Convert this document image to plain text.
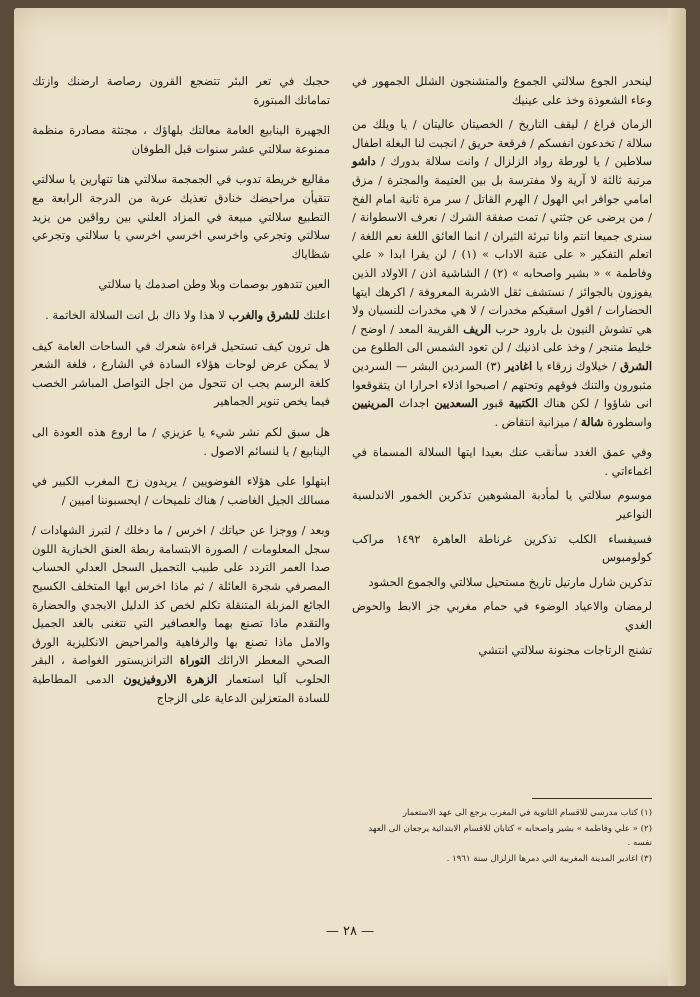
لينحدر الجوع سلالتي الجموع والمتشنجون الشلل الجمهور في وعاء الشعوذة وخذ على عينيك

الزمان فراغ / ليقف التاريخ / الخصيتان عاليتان / يا ويلك من سلالة / تخدعون انفسكم / فرقعة حريق / انجبت لنا البغلة اطفال سلاطين / يا لورطة رواد الزلزال / وانت سلالة بدورك / داشو مرتبة ثالثة لا آرية ولا مفترسة بل بين العتيمة والمجترة / مزق امامي جوافر ابي الهول / الهرم القاتل / سر مرة ثانية امام الفخ / من يرضى عن جثتي / تمت صفقة الشرك / نعرف الاسطوانة / سنرى جميعا انتم وانا تبرئة الثيران / انما العائق اللغة نعم اللغة / اتعلم التفكير « على عتبة الاداب » (١) / لن يقرا ابدا « علي وفاطمة » « بشير واصحابه » (٢) / الشاشية اذن / الاولاد الذين يفوزون بالجوائز / نستشف ثقل الاشربة المعروفة / اكرهك ايتها الحضارات / اقول اسقيكم مخدرات / لا هي مخدرات للنسيان ولا هي تشوش النيون بل بارود حرب الريف القريبة المعد / اوضح / خليط متنجر / وخذ على اذنيك / لن تعود الشمس الى الطلوع من الشرق / خيلاوك زرقاء يا اغادير (٣) السردين البشر — السردين مثبورون والتنك فوقهم وتحتهم / اصبحوا اذلاء احرارا ان يتقوقعوا انى شاؤوا / لكن هناك الكتبية قبور السعديين اجداث المرينيين واسطورة شالة / ميزانية انتقاض .

وفي عمق الغدد سأنقب عنك بعيدا ايتها السلالة المسماة في اغماءاتي .

موسوم سلالتي يا لمأدبة المشوهين تذكرين الخمور الاندلسية النواعير

فسيفساء الكلب تذكرين غرناطة العاهرة ١٤٩٢ مراكب كولومبوس

تذكرين شارل مارتيل تاريخ مستحيل سلالتي والجموع الحشود

لرمضان والاعياد الوضوء في حمام مغربي جز الابط والحوض الغدي

تشنج الرتاجات مجنونة سلالتي انتشي

حجبك في تعر البئر تتضجع القرون رصاصة ارضنك وازتك تماماتك المبتورة

الجهيرة الينابيع العامة معالتك بلهاؤك ، مجتثة مصادرة منظمة ممنوعة سلالتي عشر سنوات قبل الطوفان

مقاليع خريطة تدوب في الجمجمة سلالتي هنا تتهارين يا سلالتي تتقيأن مراحيضك خنادق تعذيك عربة من الدرجة الرابعة مع التطبيع سلالتي مبيعة في المزاد العلني بين رواقين من يزيد سلالتي وتجرعي واخرسي اخرسي اخرسي يا سلالتي وتجرعي شظاياك

العين تتدهور بوصمات وبلا وطن اصدمك يا سلالتي

اعلنك للشرق والغرب لا هذا ولا ذاك بل انت السلالة الخاتمة .

هل ترون كيف تستحيل قراءة شعرك في الساحات العامة كيف لا يمكن عرض لوحات هؤلاء السادة في الشارع ، فلغة الشعر كلغة الرسم يجب ان تتحول من اجل التواصل المباشر الخصب فيما يخص تنوير الجماهير

هل سبق لكم نشر شيء يا عزيزي / ما اروع هذه العودة الى الينابيع / يا لنسائم الاصول .

ابتهلوا على هؤلاء الفوضويين / يريدون زج المغرب الكبير في مسالك الجيل الغاضب / هناك تلميحات / ايحسبوننا اميين /

وبعد / ووجزا عن حياتك / اخرس / ما دخلك / لتبرز الشهادات / سجل المعلومات / الصورة الابتسامة ربطة العنق الخبازية اللون صدا العمر التردد على طبيب التجميل السجل العدلي الحساب المصرفي شجرة العائلة / ثم ماذا اخرس ايها المتخلف الكسيح الجائع المزبلة المتنقلة تكلم لخص كذ الدليل الابجدي والحضارة والتقدم ماذا تصنع بهما والعصافير التي تتغنى بالغد الجميل والامل ماذا تصنع بها والرفاهية والمراحيض الانكليزية الورق الصحي المعطر الارائك التوراة الترانزيستور الغواصة ، البقر الحلوب آليا استعمار الزهرة الاروفيزيون الدمى المطاطية للسادة المتعزلين الدعاية على الزجاج

(١) كتاب مدرسي للاقسام الثانوية في المغرب يرجع الى عهد الاستعمار
(٢) « علي وفاطمة » بشير واصحابه » كتابان للاقسام الابتدائية يرجعان الى العهد نفسه .
(٣) اغادير المدينة المغربية التي دمرها الزلزال سنة ١٩٦١ .
— ٢٨ —
